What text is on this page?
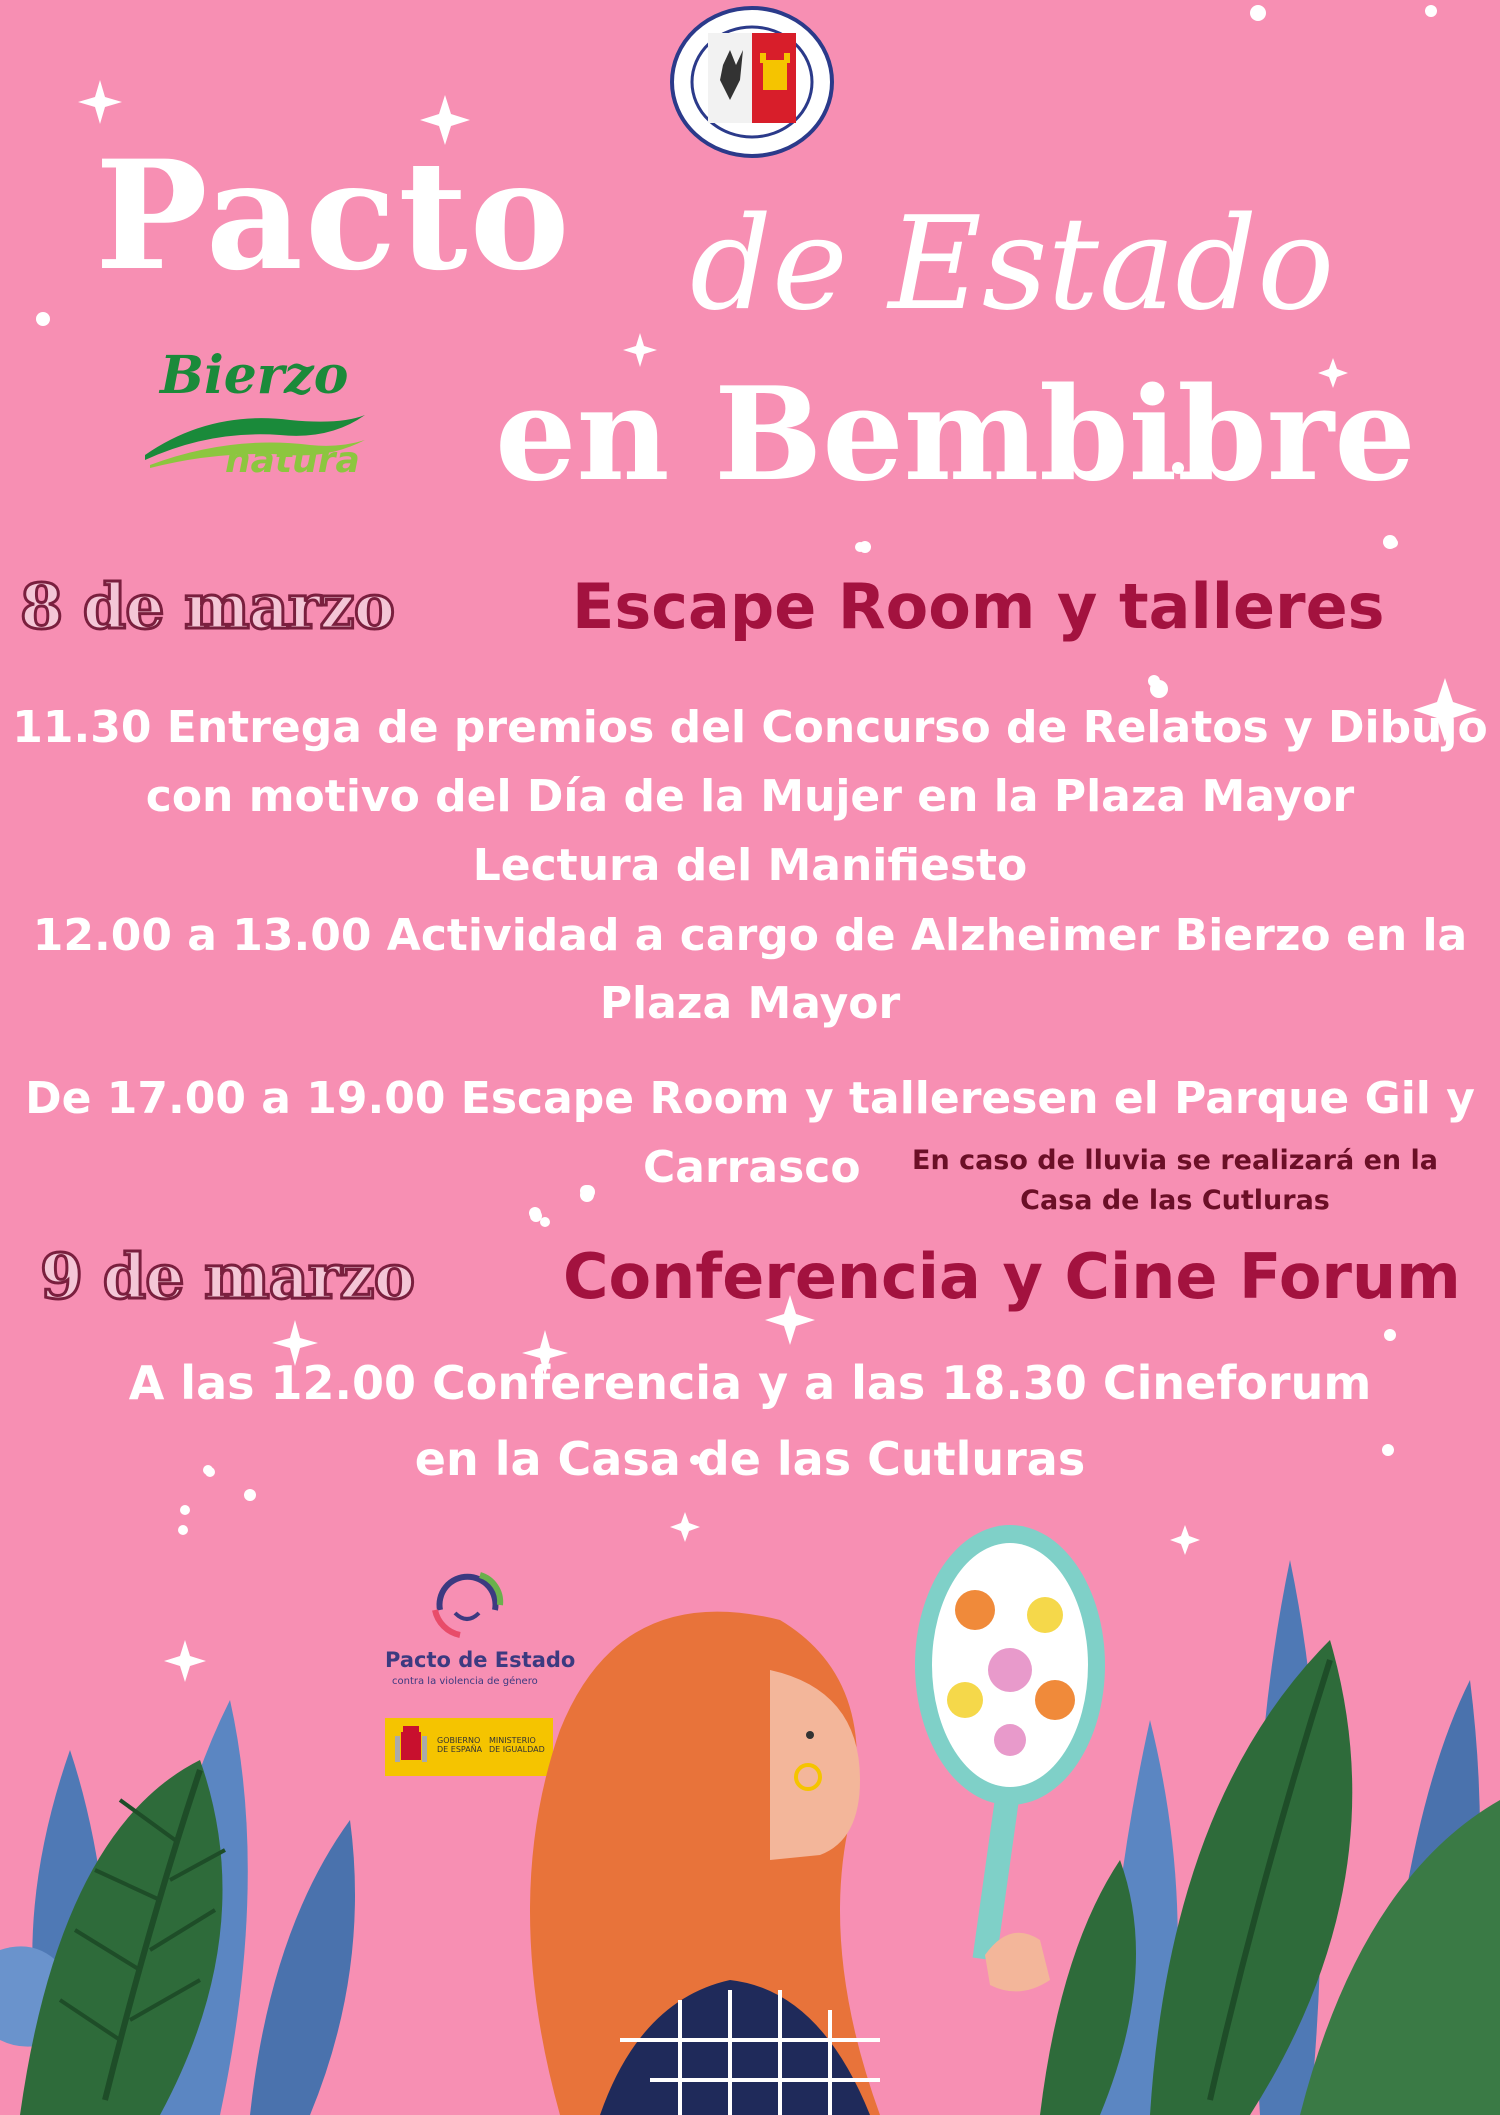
Pacto de Estado
en Bembibre
Bierzo
natura
8 de marzo	Escape Room y talleres
11.30 Entrega de premios del Concurso de Relatos y Dibujo
con motivo del Día de la Mujer en la Plaza Mayor
Lectura del Manifiesto
12.00 a 13.00 Actividad a cargo de Alzheimer Bierzo en la
Plaza Mayor
De 17.00 a 19.00 Escape Room y talleresen el Parque Gil y
Carrasco	En caso de lluvia se realizará en la
Casa de las Cutluras
9 de marzo Conferencia y Cine Forum
A las 12.00 Conferencia y a las 18.30 Cineforum
en la Casa de las Cutluras
Pacto de Estado
contra la violencia de género
GOBIERNO DE ESPAÑA
MINISTERIO DE IGUALDAD
